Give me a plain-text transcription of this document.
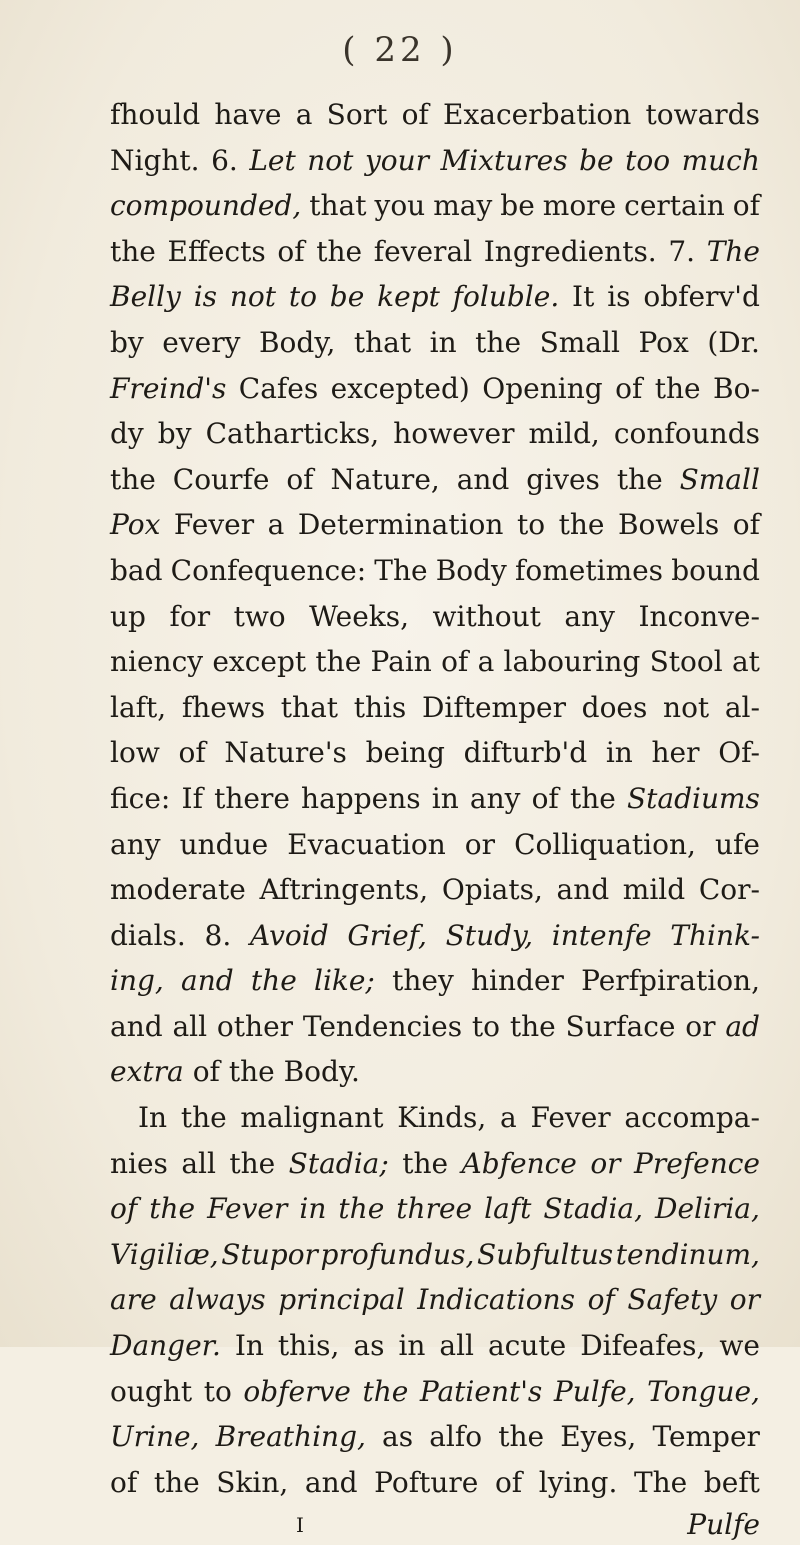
( 22 )
fhould have a Sort of Exacerbation towards
Night. 6. Let not your Mixtures be too much
compounded, that you may be more certain of
the Effects of the feveral Ingredients. 7. The
Belly is not to be kept foluble. It is obferv'd
by every Body, that in the Small Pox (Dr.
Freind's Cafes excepted) Opening of the Bo-
dy by Catharticks, however mild, confounds
the Courfe of Nature, and gives the Small
Pox Fever a Determination to the Bowels of
bad Confequence: The Body fometimes bound
up for two Weeks, without any Inconve-
niency except the Pain of a labouring Stool at
laft, fhews that this Diftemper does not al-
low of Nature's being difturb'd in her Of-
fice: If there happens in any of the Stadiums
any undue Evacuation or Colliquation, ufe
moderate Aftringents, Opiats, and mild Cor-
dials. 8. Avoid Grief, Study, intenfe Think-
ing, and the like; they hinder Perfpiration,
and all other Tendencies to the Surface or ad
extra of the Body.
In the malignant Kinds, a Fever accompa-
nies all the Stadia; the Abfence or Prefence
of the Fever in the three laft Stadia, Deliria,
Vigiliæ, Stupor profundus, Subfultus tendinum,
are always principal Indications of Safety or
Danger. In this, as in all acute Difeafes, we
ought to obferve the Patient's Pulfe, Tongue,
Urine, Breathing, as alfo the Eyes, Temper
of the Skin, and Pofture of lying. The beft
I	Pulfe
